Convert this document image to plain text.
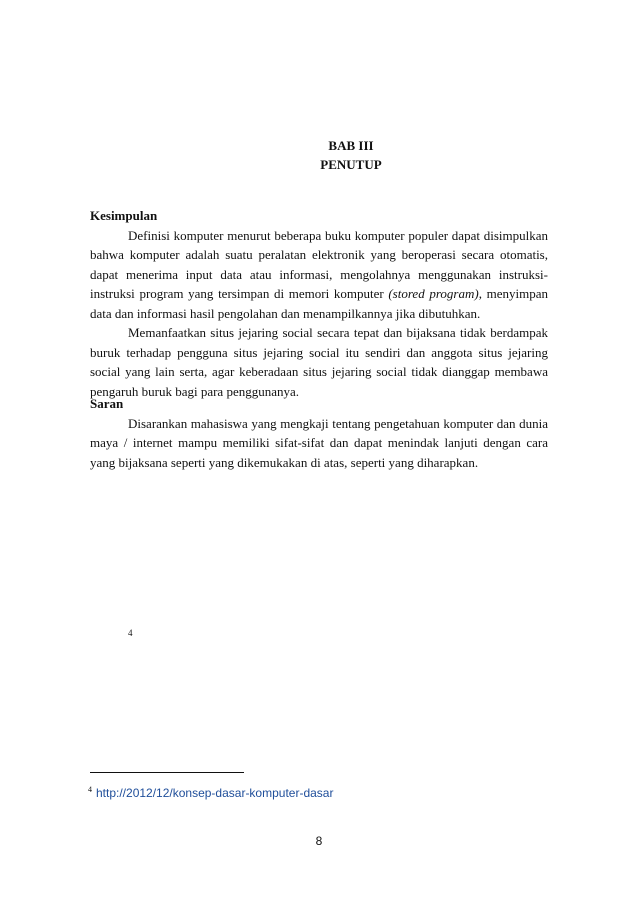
BAB III
PENUTUP
Kesimpulan

Definisi komputer menurut beberapa buku komputer populer dapat disimpulkan bahwa komputer adalah suatu peralatan elektronik yang beroperasi secara otomatis, dapat menerima input data atau informasi, mengolahnya menggunakan instruksi-instruksi program yang tersimpan di memori komputer (stored program), menyimpan data dan informasi hasil pengolahan dan menampilkannya jika dibutuhkan.

Memanfaatkan situs jejaring social secara tepat dan bijaksana tidak berdampak buruk terhadap pengguna situs jejaring social itu sendiri dan anggota situs jejaring social yang lain serta, agar keberadaan situs jejaring social tidak dianggap membawa pengaruh buruk bagi para penggunanya.

Saran

Disarankan mahasiswa yang mengkaji tentang pengetahuan komputer dan dunia maya / internet mampu memiliki sifat-sifat dan dapat menindak lanjuti dengan cara yang bijaksana seperti yang dikemukakan di atas, seperti yang diharapkan.

4
$^4$ http://2012/12/konsep-dasar-komputer-dasar
8
